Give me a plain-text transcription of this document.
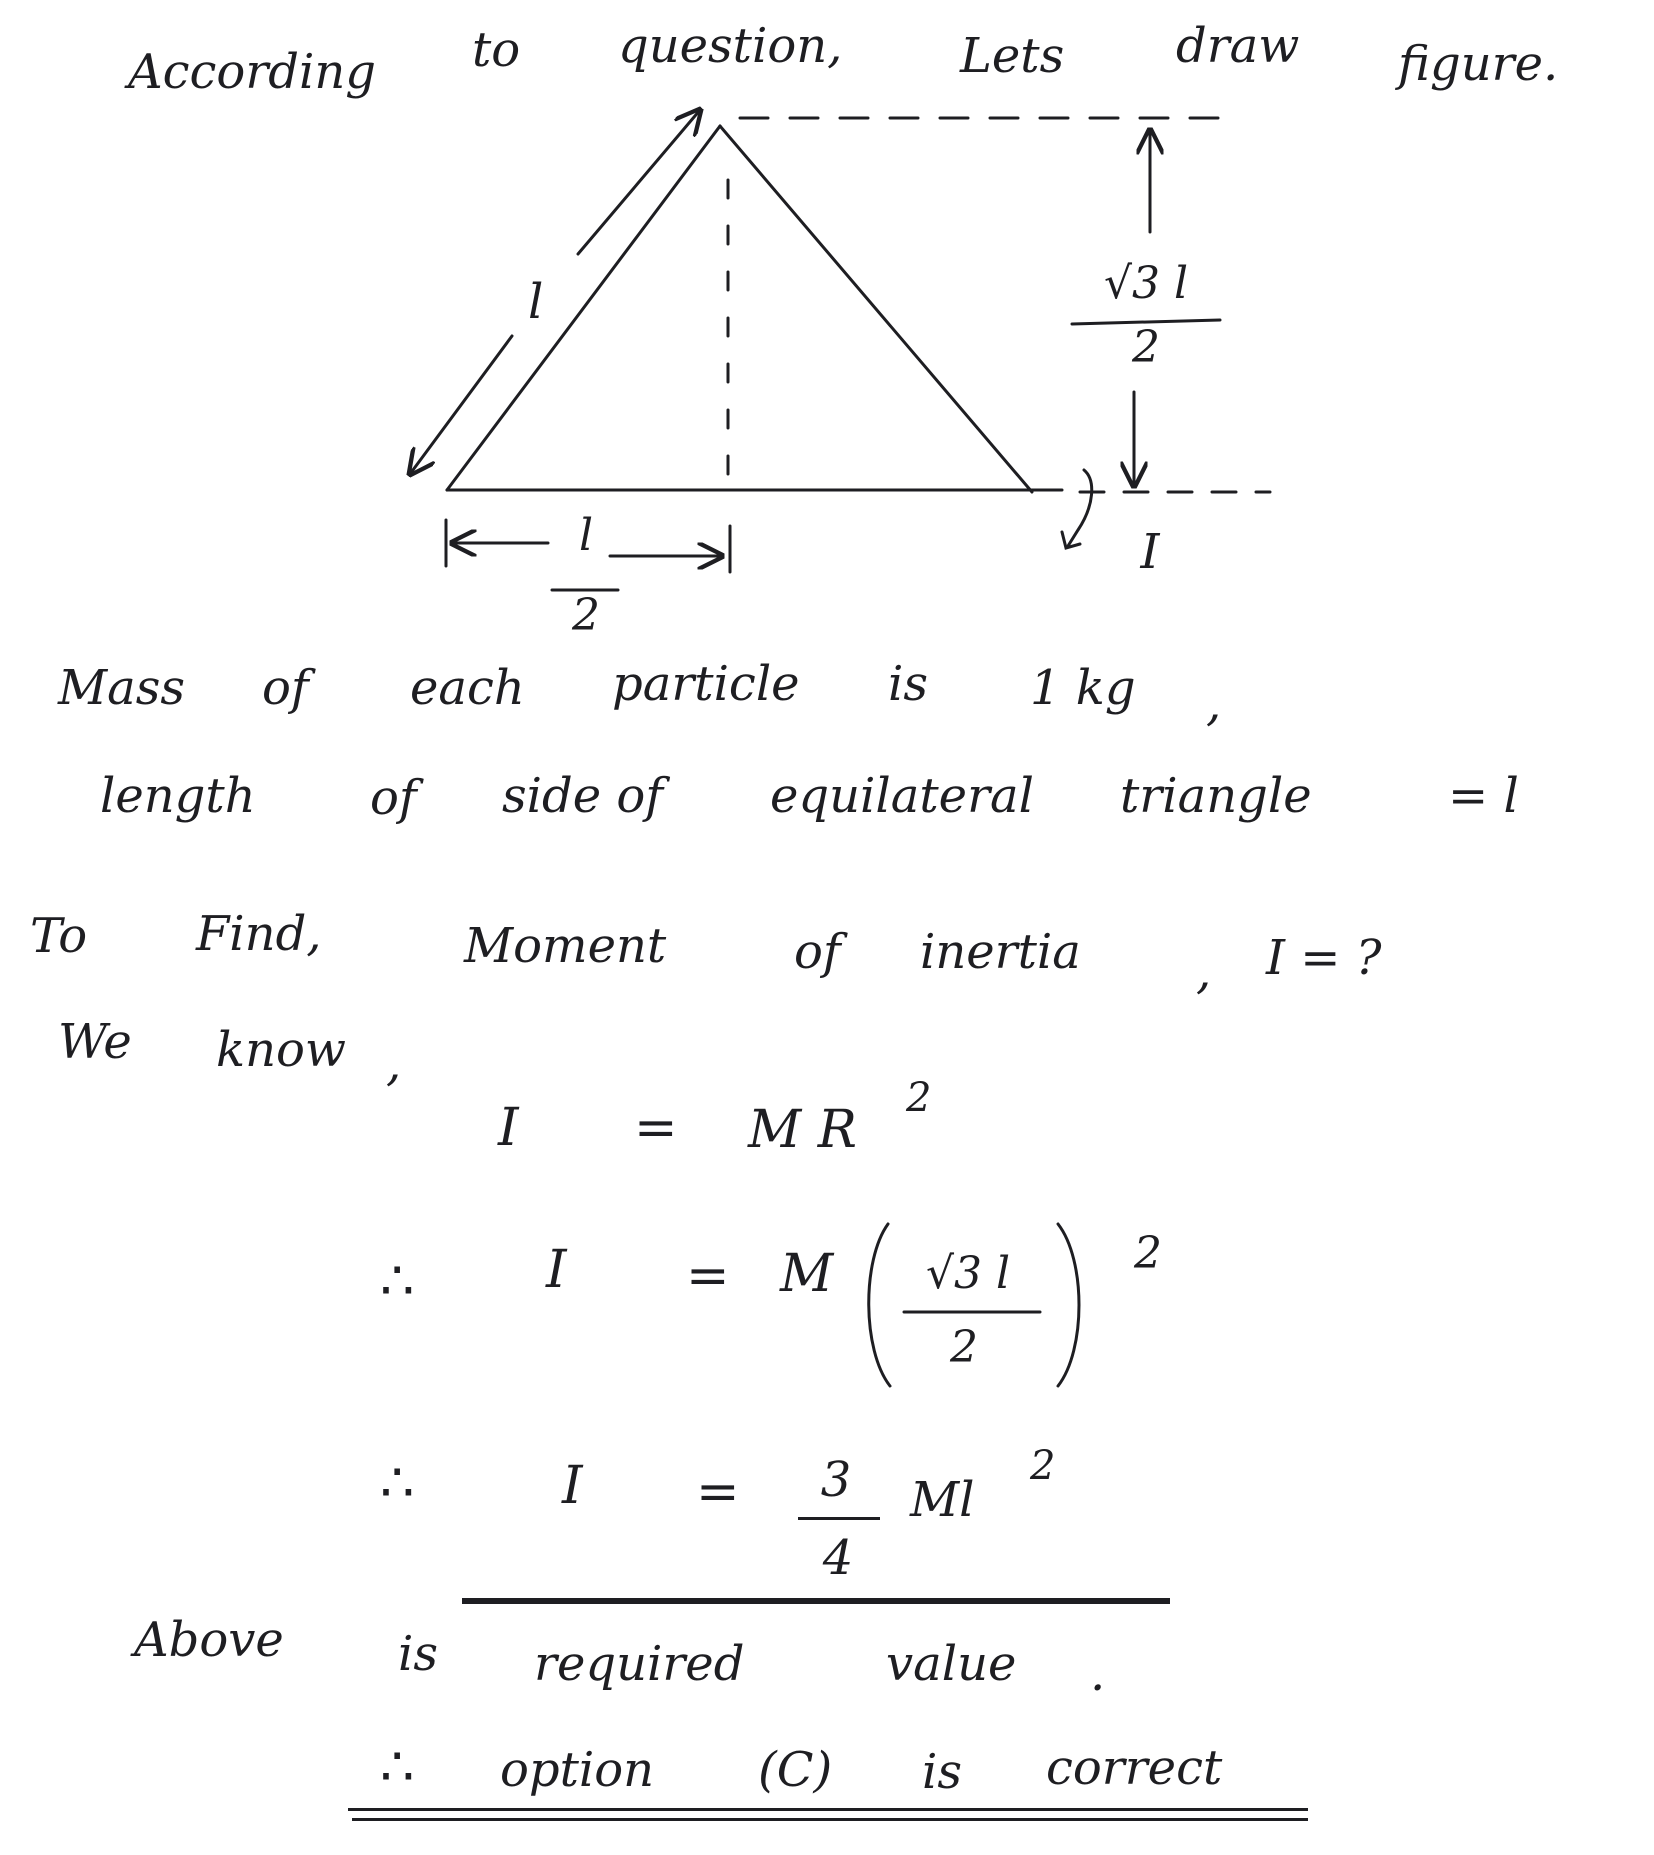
According to question, Lets draw figure.
l	√3 l
2
l
2
I
Mass of each particle is 1 kg ,
length of side of equilateral triangle	= l
To Find,	Moment	of inertia , I = ?
We know ,
I = M R
2
∴	I = M √3 l
2
2
∴	I = 3
4
Ml
2
Above is required	value .
∴ option (C) is correct
